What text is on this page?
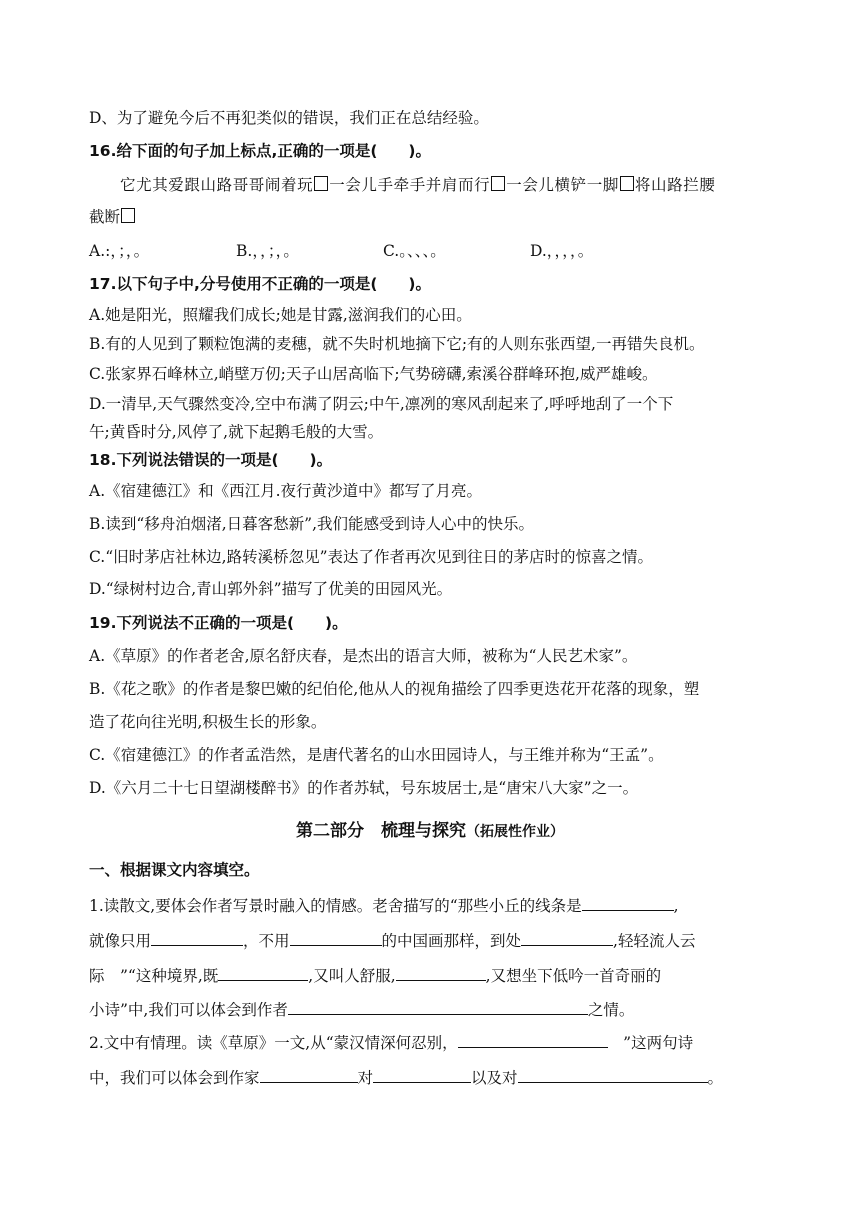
D、为了避免今后不再犯类似的错误，我们正在总结经验。
16.给下面的句子加上标点,正确的一项是(　　)。
它尤其爱跟山路哥哥闹着玩 一会儿手牵手并肩而行 一会儿横铲一脚 将山路拦腰
截断
A.:，；，。	B.，，；，。	C.。、、、。	D.，，，，。
17.以下句子中,分号使用不正确的一项是(　　)。
A.她是阳光，照耀我们成长;她是甘露,滋润我们的心田。
B.有的人见到了颗粒饱满的麦穗，就不失时机地摘下它;有的人则东张西望,一再错失良机。
C.张家界石峰林立,峭壁万仞;天子山居高临下;气势磅礴,索溪谷群峰环抱,威严雄峻。
D.一清早,天气骤然变冷,空中布满了阴云;中午,凛冽的寒风刮起来了,呼呼地刮了一个下
午;黄昏时分,风停了,就下起鹅毛般的大雪。
18.下列说法错误的一项是(　　)。
A.《宿建德江》和《西江月.夜行黄沙道中》都写了月亮。
B.读到“移舟泊烟渚,日暮客愁新”,我们能感受到诗人心中的快乐。
C.“旧时茅店社林边,路转溪桥忽见”表达了作者再次见到往日的茅店时的惊喜之情。
D.“绿树村边合,青山郭外斜”描写了优美的田园风光。
19.下列说法不正确的一项是(　　)。
A.《草原》的作者老舍,原名舒庆春，是杰出的语言大师，被称为“人民艺术家”。
B.《花之歌》的作者是黎巴嫩的纪伯伦,他从人的视角描绘了四季更迭花开花落的现象，塑
造了花向往光明,积极生长的形象。
C.《宿建德江》的作者孟浩然，是唐代著名的山水田园诗人，与王维并称为“王孟”。
D.《六月二十七日望湖楼醉书》的作者苏轼，号东坡居士,是“唐宋八大家”之一。
第二部分　梳理与探究（拓展性作业）
一、根据课文内容填空。
1.读散文,要体会作者写景时融入的情感。老舍描写的“那些小丘的线条是	,
就像只用	，不用	的中国画那样，到处	,轻轻流人云
际　”“这种境界,既	,又叫人舒服,	,又想坐下低吟一首奇丽的
小诗”中,我们可以体会到作者	之情。
2.文中有情理。读《草原》一文,从“蒙汉情深何忍别，	　”这两句诗
中，我们可以体会到作家	对	以及对	。
